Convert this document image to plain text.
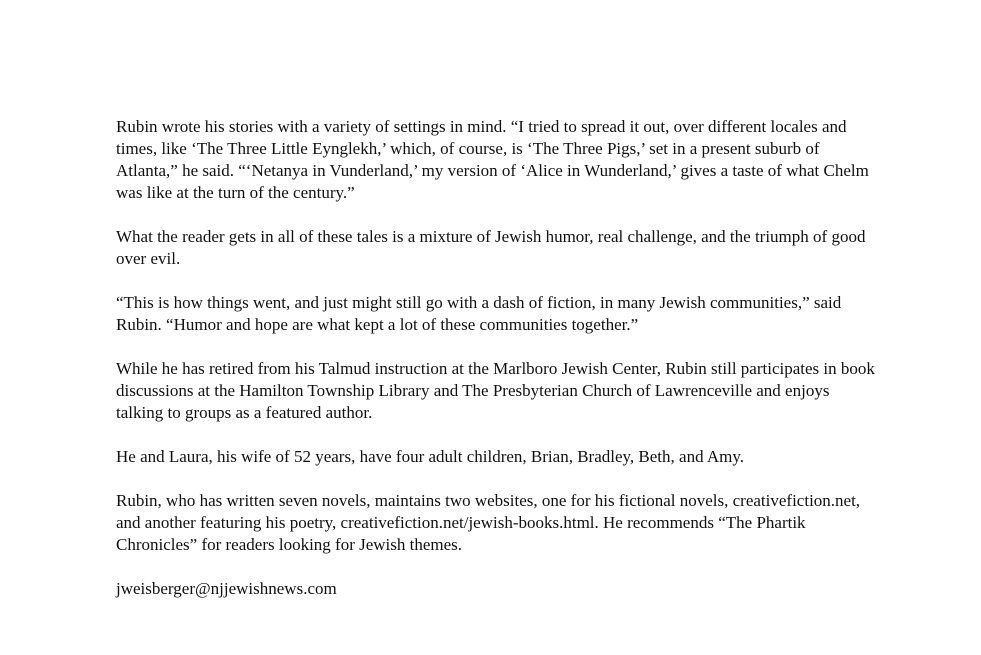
Rubin wrote his stories with a variety of settings in mind. “I tried to spread it out, over different locales and times, like ‘The Three Little Eynglekh,’ which, of course, is ‘The Three Pigs,’ set in a present suburb of Atlanta,” he said. “‘Netanya in Vunderland,’ my version of ‘Alice in Wunderland,’ gives a taste of what Chelm was like at the turn of the century.”

What the reader gets in all of these tales is a mixture of Jewish humor, real challenge, and the triumph of good over evil.

“This is how things went, and just might still go with a dash of fiction, in many Jewish communities,” said Rubin. “Humor and hope are what kept a lot of these communities together.”

While he has retired from his Talmud instruction at the Marlboro Jewish Center, Rubin still participates in book discussions at the Hamilton Township Library and The Presbyterian Church of Lawrenceville and enjoys talking to groups as a featured author.

He and Laura, his wife of 52 years, have four adult children, Brian, Bradley, Beth, and Amy.

Rubin, who has written seven novels, maintains two websites, one for his fictional novels, creativefiction.net, and another featuring his poetry, creativefiction.net/jewish-books.html. He recommends “The Phartik Chronicles” for readers looking for Jewish themes.

jweisberger@njjewishnews.com
